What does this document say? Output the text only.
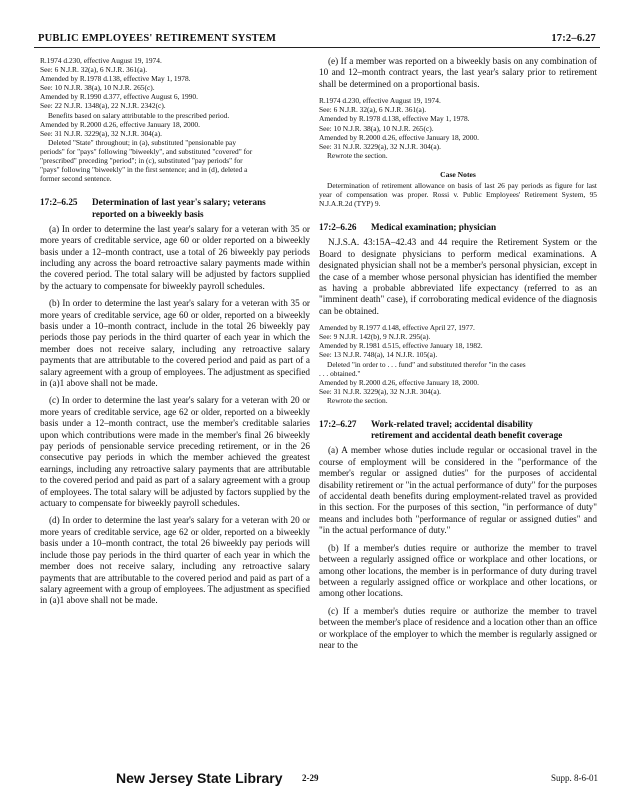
PUBLIC EMPLOYEES' RETIREMENT SYSTEM	17:2–6.27
R.1974 d.230, effective August 19, 1974.
See: 6 N.J.R. 32(a), 6 N.J.R. 361(a).
Amended by R.1978 d.138, effective May 1, 1978.
See: 10 N.J.R. 38(a), 10 N.J.R. 265(c).
Amended by R.1990 d.377, effective August 6, 1990.
See: 22 N.J.R. 1348(a), 22 N.J.R. 2342(c).
Benefits based on salary attributable to the prescribed period.
Amended by R.2000 d.26, effective January 18, 2000.
See: 31 N.J.R. 3229(a), 32 N.J.R. 304(a).
Deleted "State" throughout; in (a), substituted "pensionable pay
periods" for "pays" following "biweekly", and substituted "covered" for
"prescribed" preceding "period"; in (c), substituted "pay periods" for
"pays" following "biweekly" in the first sentence; and in (d), deleted a
former second sentence.
17:2–6.25 Determination of last year's salary; veterans
reported on a biweekly basis

(a) In order to determine the last year's salary for a veteran with 35 or more years of creditable service, age 60 or older reported on a biweekly basis under a 12–month contract, use a total of 26 biweekly pay periods including any across the board retroactive salary payments made within the covered period. The total salary will be adjusted by factors supplied by the actuary to compensate for biweekly payroll schedules.

(b) In order to determine the last year's salary for a veteran with 35 or more years of creditable service, age 60 or older, reported on a biweekly basis under a 10–month contract, include in the total 26 biweekly pay periods those pay periods in the third quarter of each year in which the member does not receive salary, including any retroactive salary payments that are attributable to the covered period and paid as part of a salary agreement with a group of employees. The adjustment as specified in (a)1 above shall not be made.

(c) In order to determine the last year's salary for a veteran with 20 or more years of creditable service, age 62 or older, reported on a biweekly basis under a 12–month contract, use the member's creditable salaries upon which contributions were made in the member's final 26 biweekly pay periods of pensionable service preceding retirement, or in the 26 consecutive pay periods in which the member achieved the greatest earnings, including any retroactive salary payments that are attributable to the covered period and paid as part of a salary agreement with a group of employees. The total salary will be adjusted by factors supplied by the actuary to compensate for biweekly payroll schedules.

(d) In order to determine the last year's salary for a veteran with 20 or more years of creditable service, age 62 or older, reported on a biweekly basis under a 10–month contract, the total 26 biweekly pay periods will include those pay periods in the third quarter of each year in which the member does not receive salary, including any retroactive salary payments that are attributable to the covered period and paid as part of a salary agreement with a group of employees. The adjustment as specified in (a)1 above shall not be made.

(e) If a member was reported on a biweekly basis on any combination of 10 and 12–month contract years, the last year's salary prior to retirement shall be determined on a proportional basis.

R.1974 d.230, effective August 19, 1974.
See: 6 N.J.R. 32(a), 6 N.J.R. 361(a).
Amended by R.1978 d.138, effective May 1, 1978.
See: 10 N.J.R. 38(a), 10 N.J.R. 265(c).
Amended by R.2000 d.26, effective January 18, 2000.
See: 31 N.J.R. 3229(a), 32 N.J.R. 304(a).
Rewrote the section.
Case Notes

Determination of retirement allowance on basis of last 26 pay periods as figure for last year of compensation was proper. Rossi v. Public Employees' Retirement System, 95 N.J.A.R.2d (TYP) 9.

17:2–6.26 Medical examination; physician

N.J.S.A. 43:15A–42.43 and 44 require the Retirement System or the Board to designate physicians to perform medical examinations. A designated physician shall not be a member's personal physician, except in the case of a member whose personal physician has identified the member as having a probable abbreviated life expectancy (referred to as an "imminent death" case), if corroborating medical evidence of the diagnosis can be obtained.

Amended by R.1977 d.148, effective April 27, 1977.
See: 9 N.J.R. 142(b), 9 N.J.R. 295(a).
Amended by R.1981 d.515, effective January 18, 1982.
See: 13 N.J.R. 748(a), 14 N.J.R. 105(a).
Deleted "in order to . . . fund" and substituted therefor "in the cases
. . . obtained."
Amended by R.2000 d.26, effective January 18, 2000.
See: 31 N.J.R. 3229(a), 32 N.J.R. 304(a).
Rewrote the section.
17:2–6.27 Work-related travel; accidental disability
retirement and accidental death benefit coverage

(a) A member whose duties include regular or occasional travel in the course of employment will be considered in the "performance of the member's regular or assigned duties" for the purposes of accidental disability retirement or "in the actual performance of duty" for the purposes of accidental death benefits during employment-related travel as provided in this section. For the purposes of this section, "in performance of duty" means and includes both "performance of regular or assigned duties" and "in the actual performance of duty."

(b) If a member's duties require or authorize the member to travel between a regularly assigned office or workplace and other locations, or among other locations, the member is in performance of duty during travel between a regularly assigned office or workplace and other locations, or among other locations.

(c) If a member's duties require or authorize the member to travel between the member's place of residence and a location other than an office or workplace of the employer to which the member is regularly assigned or near to the

New Jersey State Library 2-29	Supp. 8-6-01
